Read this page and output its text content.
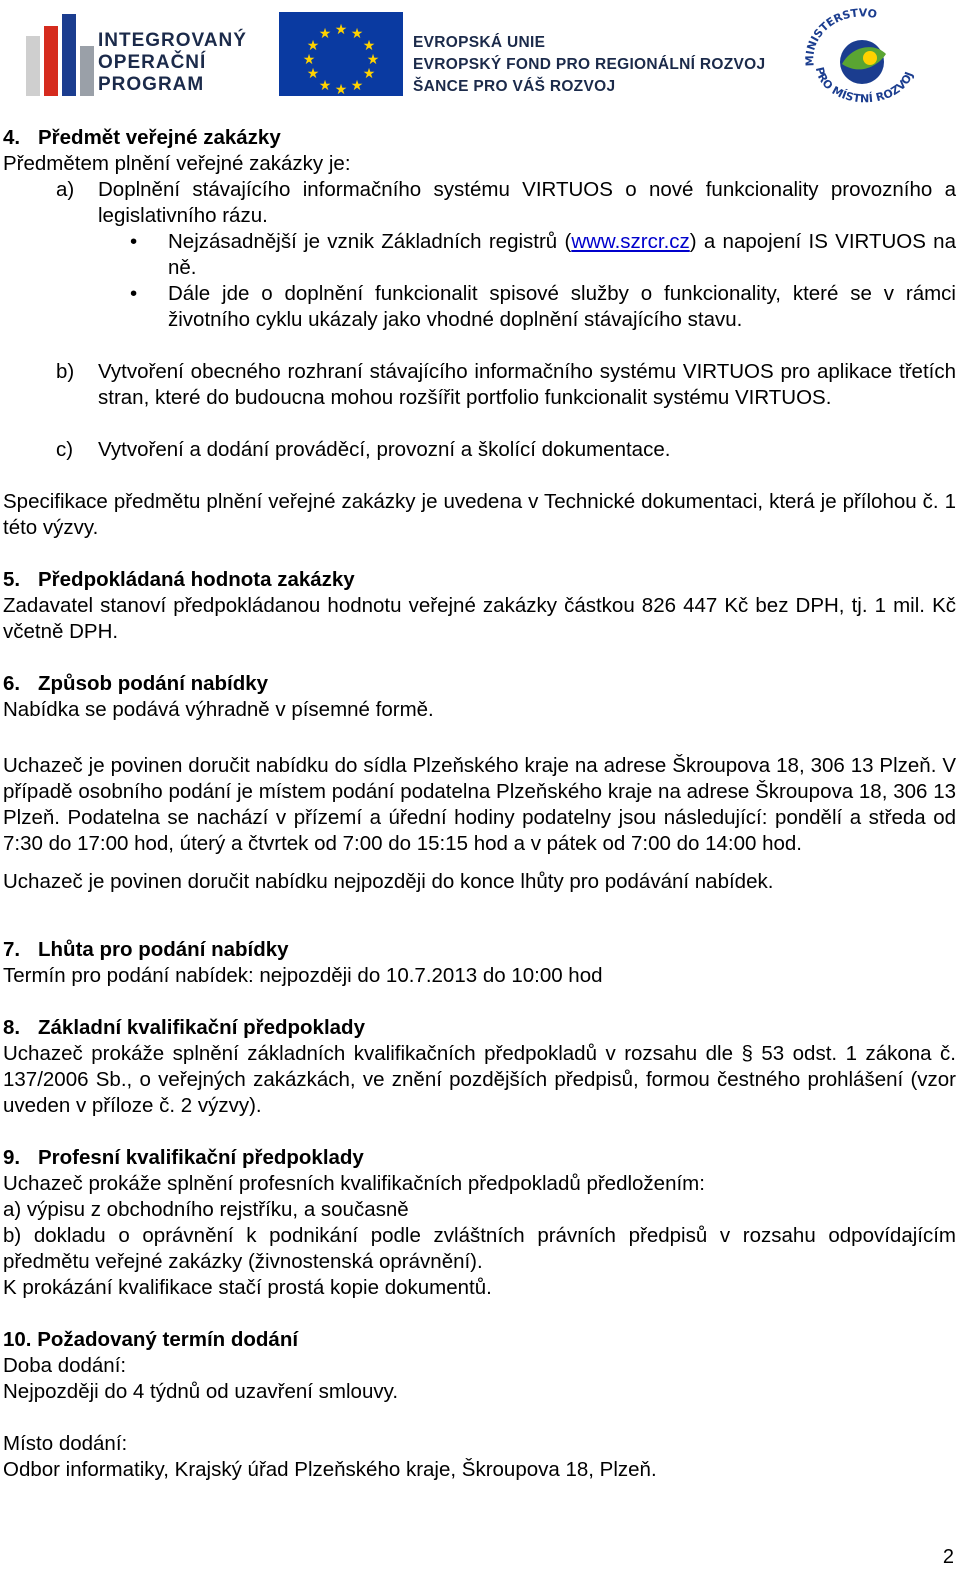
INTEGROVANÝ
OPERAČNÍ
PROGRAM
★ ★
★
★
★
★
★
★
★
★
★
★
EVROPSKÁ UNIE
EVROPSKÝ FOND PRO REGIONÁLNÍ ROZVOJ
ŠANCE PRO VÁŠ ROZVOJ
MINISTERSTVO
PRO MÍSTNÍ ROZVOJ
4. Předmět veřejné zakázky

Předmětem plnění veřejné zakázky je:

a)	Doplnění stávajícího informačního systému VIRTUOS o nové funkcionality provozního a legislativního rázu.
•	Nejzásadnější je vznik Základních registrů (www.szrcr.cz) a napojení IS VIRTUOS na ně.
•	Dále jde o doplnění funkcionalit spisové služby o funkcionality, které se v rámci životního cyklu ukázaly jako vhodné doplnění stávajícího stavu.
b)	Vytvoření obecného rozhraní stávajícího informačního systému VIRTUOS pro aplikace třetích stran, které do budoucna mohou rozšířit portfolio funkcionalit systému VIRTUOS.
c)	Vytvoření a dodání prováděcí, provozní a školící dokumentace.

Specifikace předmětu plnění veřejné zakázky je uvedena v Technické dokumentaci, která je přílohou č. 1 této výzvy.

5. Předpokládaná hodnota zakázky

Zadavatel stanoví předpokládanou hodnotu veřejné zakázky částkou 826 447 Kč bez DPH, tj. 1 mil. Kč včetně DPH.

6. Způsob podání nabídky

Nabídka se podává výhradně v písemné formě.

Uchazeč je povinen doručit nabídku do sídla Plzeňského kraje na adrese Škroupova 18, 306 13 Plzeň. V případě osobního podání je místem podání podatelna Plzeňského kraje na adrese Škroupova 18, 306 13 Plzeň. Podatelna se nachází v přízemí a úřední hodiny podatelny jsou následující: pondělí a středa od 7:30 do 17:00 hod, úterý a čtvrtek od 7:00 do 15:15 hod a v pátek od 7:00 do 14:00 hod.

Uchazeč je povinen doručit nabídku nejpozději do konce lhůty pro podávání nabídek.

7. Lhůta pro podání nabídky

Termín pro podání nabídek: nejpozději do 10.7.2013 do 10:00 hod

8. Základní kvalifikační předpoklady

Uchazeč prokáže splnění základních kvalifikačních předpokladů v rozsahu dle § 53 odst. 1 zákona č. 137/2006 Sb., o veřejných zakázkách, ve znění pozdějších předpisů, formou čestného prohlášení (vzor uveden v příloze č. 2 výzvy).

9. Profesní kvalifikační předpoklady

Uchazeč prokáže splnění profesních kvalifikačních předpokladů předložením:

a) výpisu z obchodního rejstříku, a současně

b) dokladu o oprávnění k podnikání podle zvláštních právních předpisů v rozsahu odpovídajícím předmětu veřejné zakázky (živnostenská oprávnění).

K prokázání kvalifikace stačí prostá kopie dokumentů.

10. Požadovaný termín dodání

Doba dodání:

Nejpozději do 4 týdnů od uzavření smlouvy.

Místo dodání:

Odbor informatiky, Krajský úřad Plzeňského kraje, Škroupova 18, Plzeň.

2
